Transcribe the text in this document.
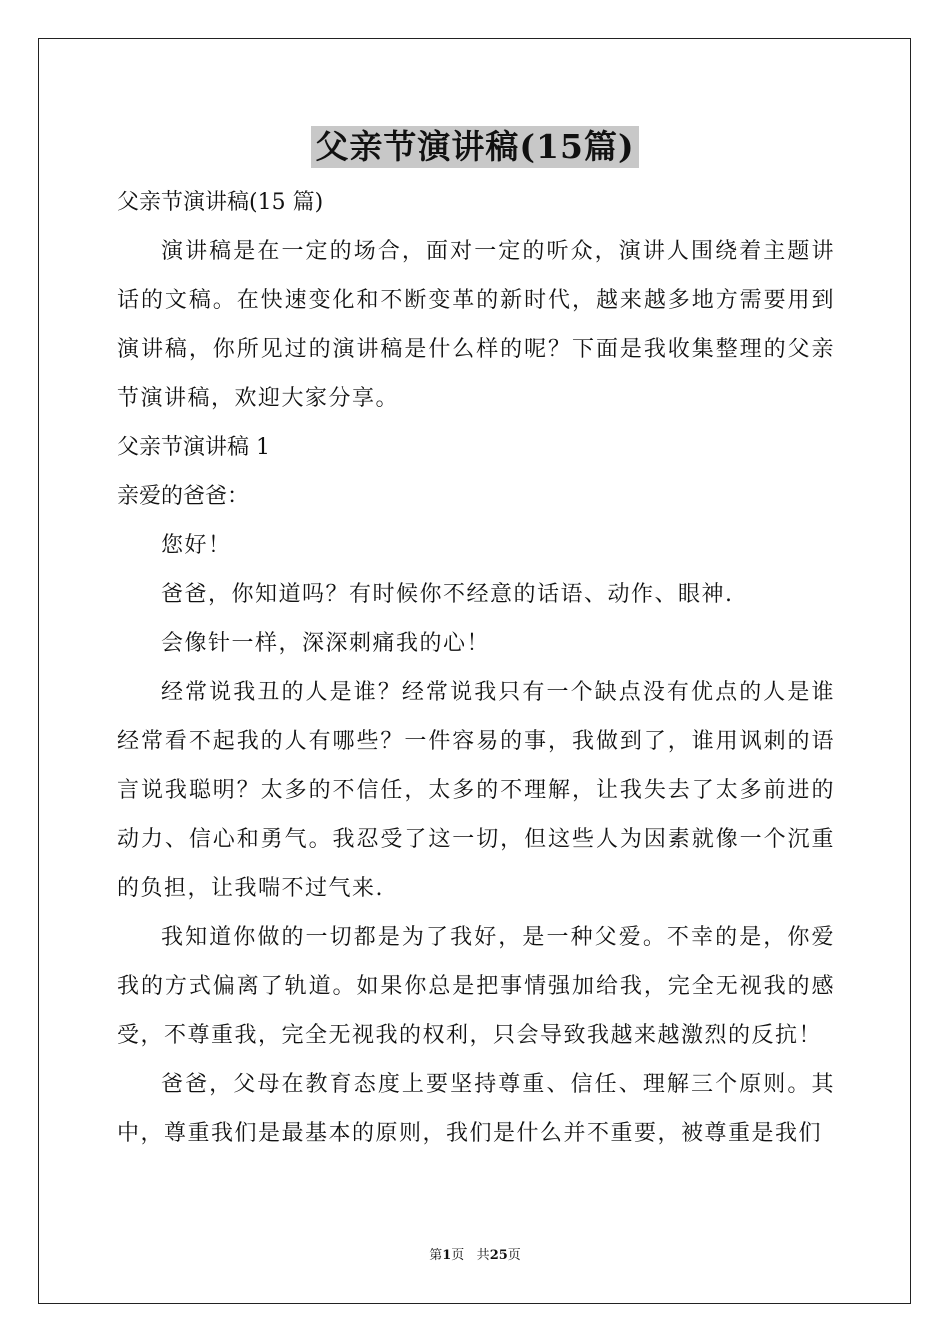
父亲节演讲稿(15篇)
父亲节演讲稿(15 篇)
演讲稿是在一定的场合，面对一定的听众，演讲人围绕着主题讲话的文稿。在快速变化和不断变革的新时代，越来越多地方需要用到演讲稿，你所见过的演讲稿是什么样的呢？下面是我收集整理的父亲节演讲稿，欢迎大家分享。
父亲节演讲稿 1
亲爱的爸爸：
您好！
爸爸，你知道吗？有时候你不经意的话语、动作、眼神.
会像针一样，深深刺痛我的心！
经常说我丑的人是谁？经常说我只有一个缺点没有优点的人是谁经常看不起我的人有哪些？一件容易的事，我做到了，谁用讽刺的语言说我聪明？太多的不信任，太多的不理解，让我失去了太多前进的动力、信心和勇气。我忍受了这一切，但这些人为因素就像一个沉重的负担，让我喘不过气来.
我知道你做的一切都是为了我好，是一种父爱。不幸的是，你爱我的方式偏离了轨道。如果你总是把事情强加给我，完全无视我的感受，不尊重我，完全无视我的权利，只会导致我越来越激烈的反抗！
爸爸，父母在教育态度上要坚持尊重、信任、理解三个原则。其中，尊重我们是最基本的原则，我们是什么并不重要，被尊重是我们
第1页 共25页
